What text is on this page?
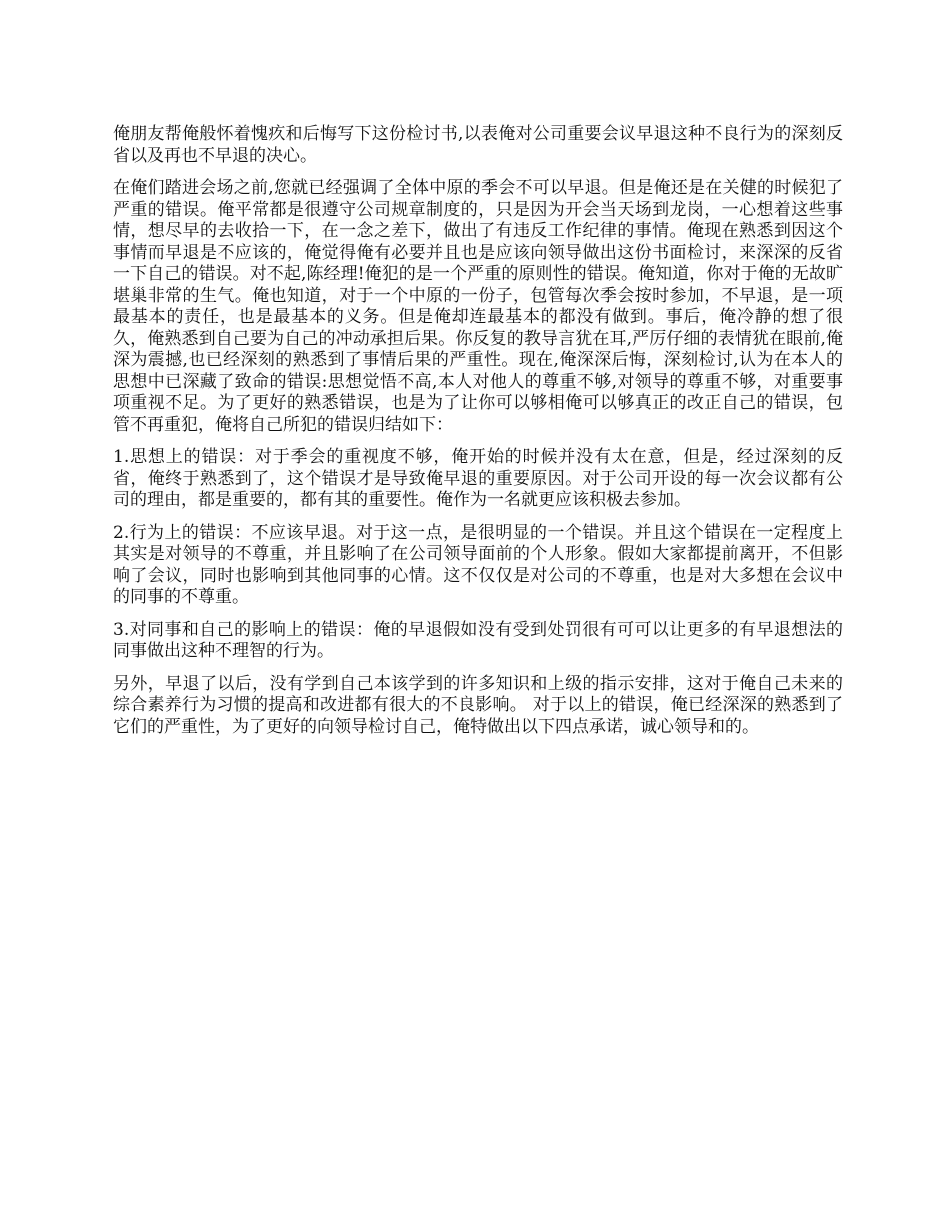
俺朋友帮俺般怀着愧疚和后悔写下这份检讨书,以表俺对公司重要会议早退这种不良行为的深刻反省以及再也不早退的决心。

在俺们踏进会场之前,您就已经强调了全体中原的季会不可以早退。但是俺还是在关健的时候犯了严重的错误。俺平常都是很遵守公司规章制度的，只是因为开会当天场到龙岗，一心想着这些事情，想尽早的去收拾一下，在一念之差下，做出了有违反工作纪律的事情。俺现在熟悉到因这个事情而早退是不应该的，俺觉得俺有必要并且也是应该向领导做出这份书面检讨，来深深的反省一下自己的错误。对不起,陈经理!俺犯的是一个严重的原则性的错误。俺知道，你对于俺的无故旷堪巢非常的生气。俺也知道，对于一个中原的一份子，包管每次季会按时参加，不早退，是一项最基本的责任，也是最基本的义务。但是俺却连最基本的都没有做到。事后，俺冷静的想了很久，俺熟悉到自己要为自己的冲动承担后果。你反复的教导言犹在耳,严厉仔细的表情犹在眼前,俺深为震撼,也已经深刻的熟悉到了事情后果的严重性。现在,俺深深后悔，深刻检讨,认为在本人的思想中已深藏了致命的错误:思想觉悟不高,本人对他人的尊重不够,对领导的尊重不够，对重要事项重视不足。为了更好的熟悉错误，也是为了让你可以够相俺可以够真正的改正自己的错误，包管不再重犯，俺将自己所犯的错误归结如下：

1.思想上的错误：对于季会的重视度不够，俺开始的时候并没有太在意，但是，经过深刻的反省，俺终于熟悉到了，这个错误才是导致俺早退的重要原因。对于公司开设的每一次会议都有公司的理由，都是重要的，都有其的重要性。俺作为一名就更应该积极去参加。

2.行为上的错误：不应该早退。对于这一点，是很明显的一个错误。并且这个错误在一定程度上其实是对领导的不尊重，并且影响了在公司领导面前的个人形象。假如大家都提前离开，不但影响了会议，同时也影响到其他同事的心情。这不仅仅是对公司的不尊重，也是对大多想在会议中的同事的不尊重。

3.对同事和自己的影响上的错误：俺的早退假如没有受到处罚很有可可以让更多的有早退想法的同事做出这种不理智的行为。

另外，早退了以后，没有学到自己本该学到的许多知识和上级的指示安排，这对于俺自己未来的综合素养行为习惯的提高和改进都有很大的不良影响。 对于以上的错误，俺已经深深的熟悉到了它们的严重性，为了更好的向领导检讨自己，俺特做出以下四点承诺，诚心领导和的。
